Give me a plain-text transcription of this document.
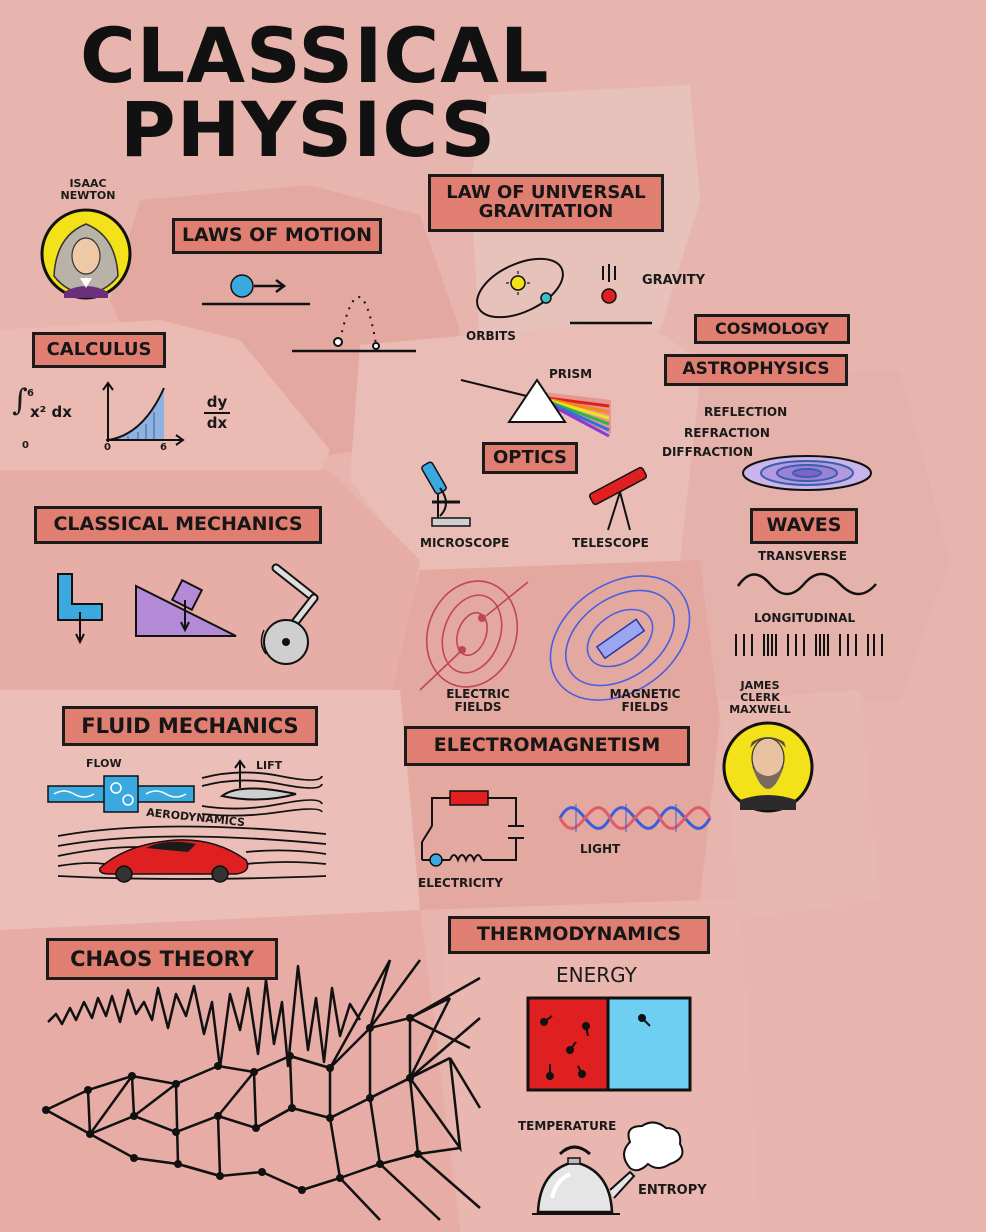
CLASSICAL
PHYSICS
ISAAC
NEWTON
LAWS OF MOTION
LAW OF UNIVERSAL
GRAVITATION
ORBITS
GRAVITY
COSMOLOGY
ASTROPHYSICS
CALCULUS
∫ 6
0
x² dx
0	6
dy
dx
PRISM
REFLECTION
REFRACTION
DIFFRACTION
OPTICS
MICROSCOPE	TELESCOPE
WAVES
TRANSVERSE
LONGITUDINAL
CLASSICAL MECHANICS
ELECTRIC
FIELDS
MAGNETIC
FIELDS
JAMES
CLERK
MAXWELL
ELECTROMAGNETISM
ELECTRICITY
LIGHT
FLUID MECHANICS
FLOW	LIFT
AERODYNAMICS
CHAOS THEORY
THERMODYNAMICS
ENERGY
TEMPERATURE
ENTROPY
